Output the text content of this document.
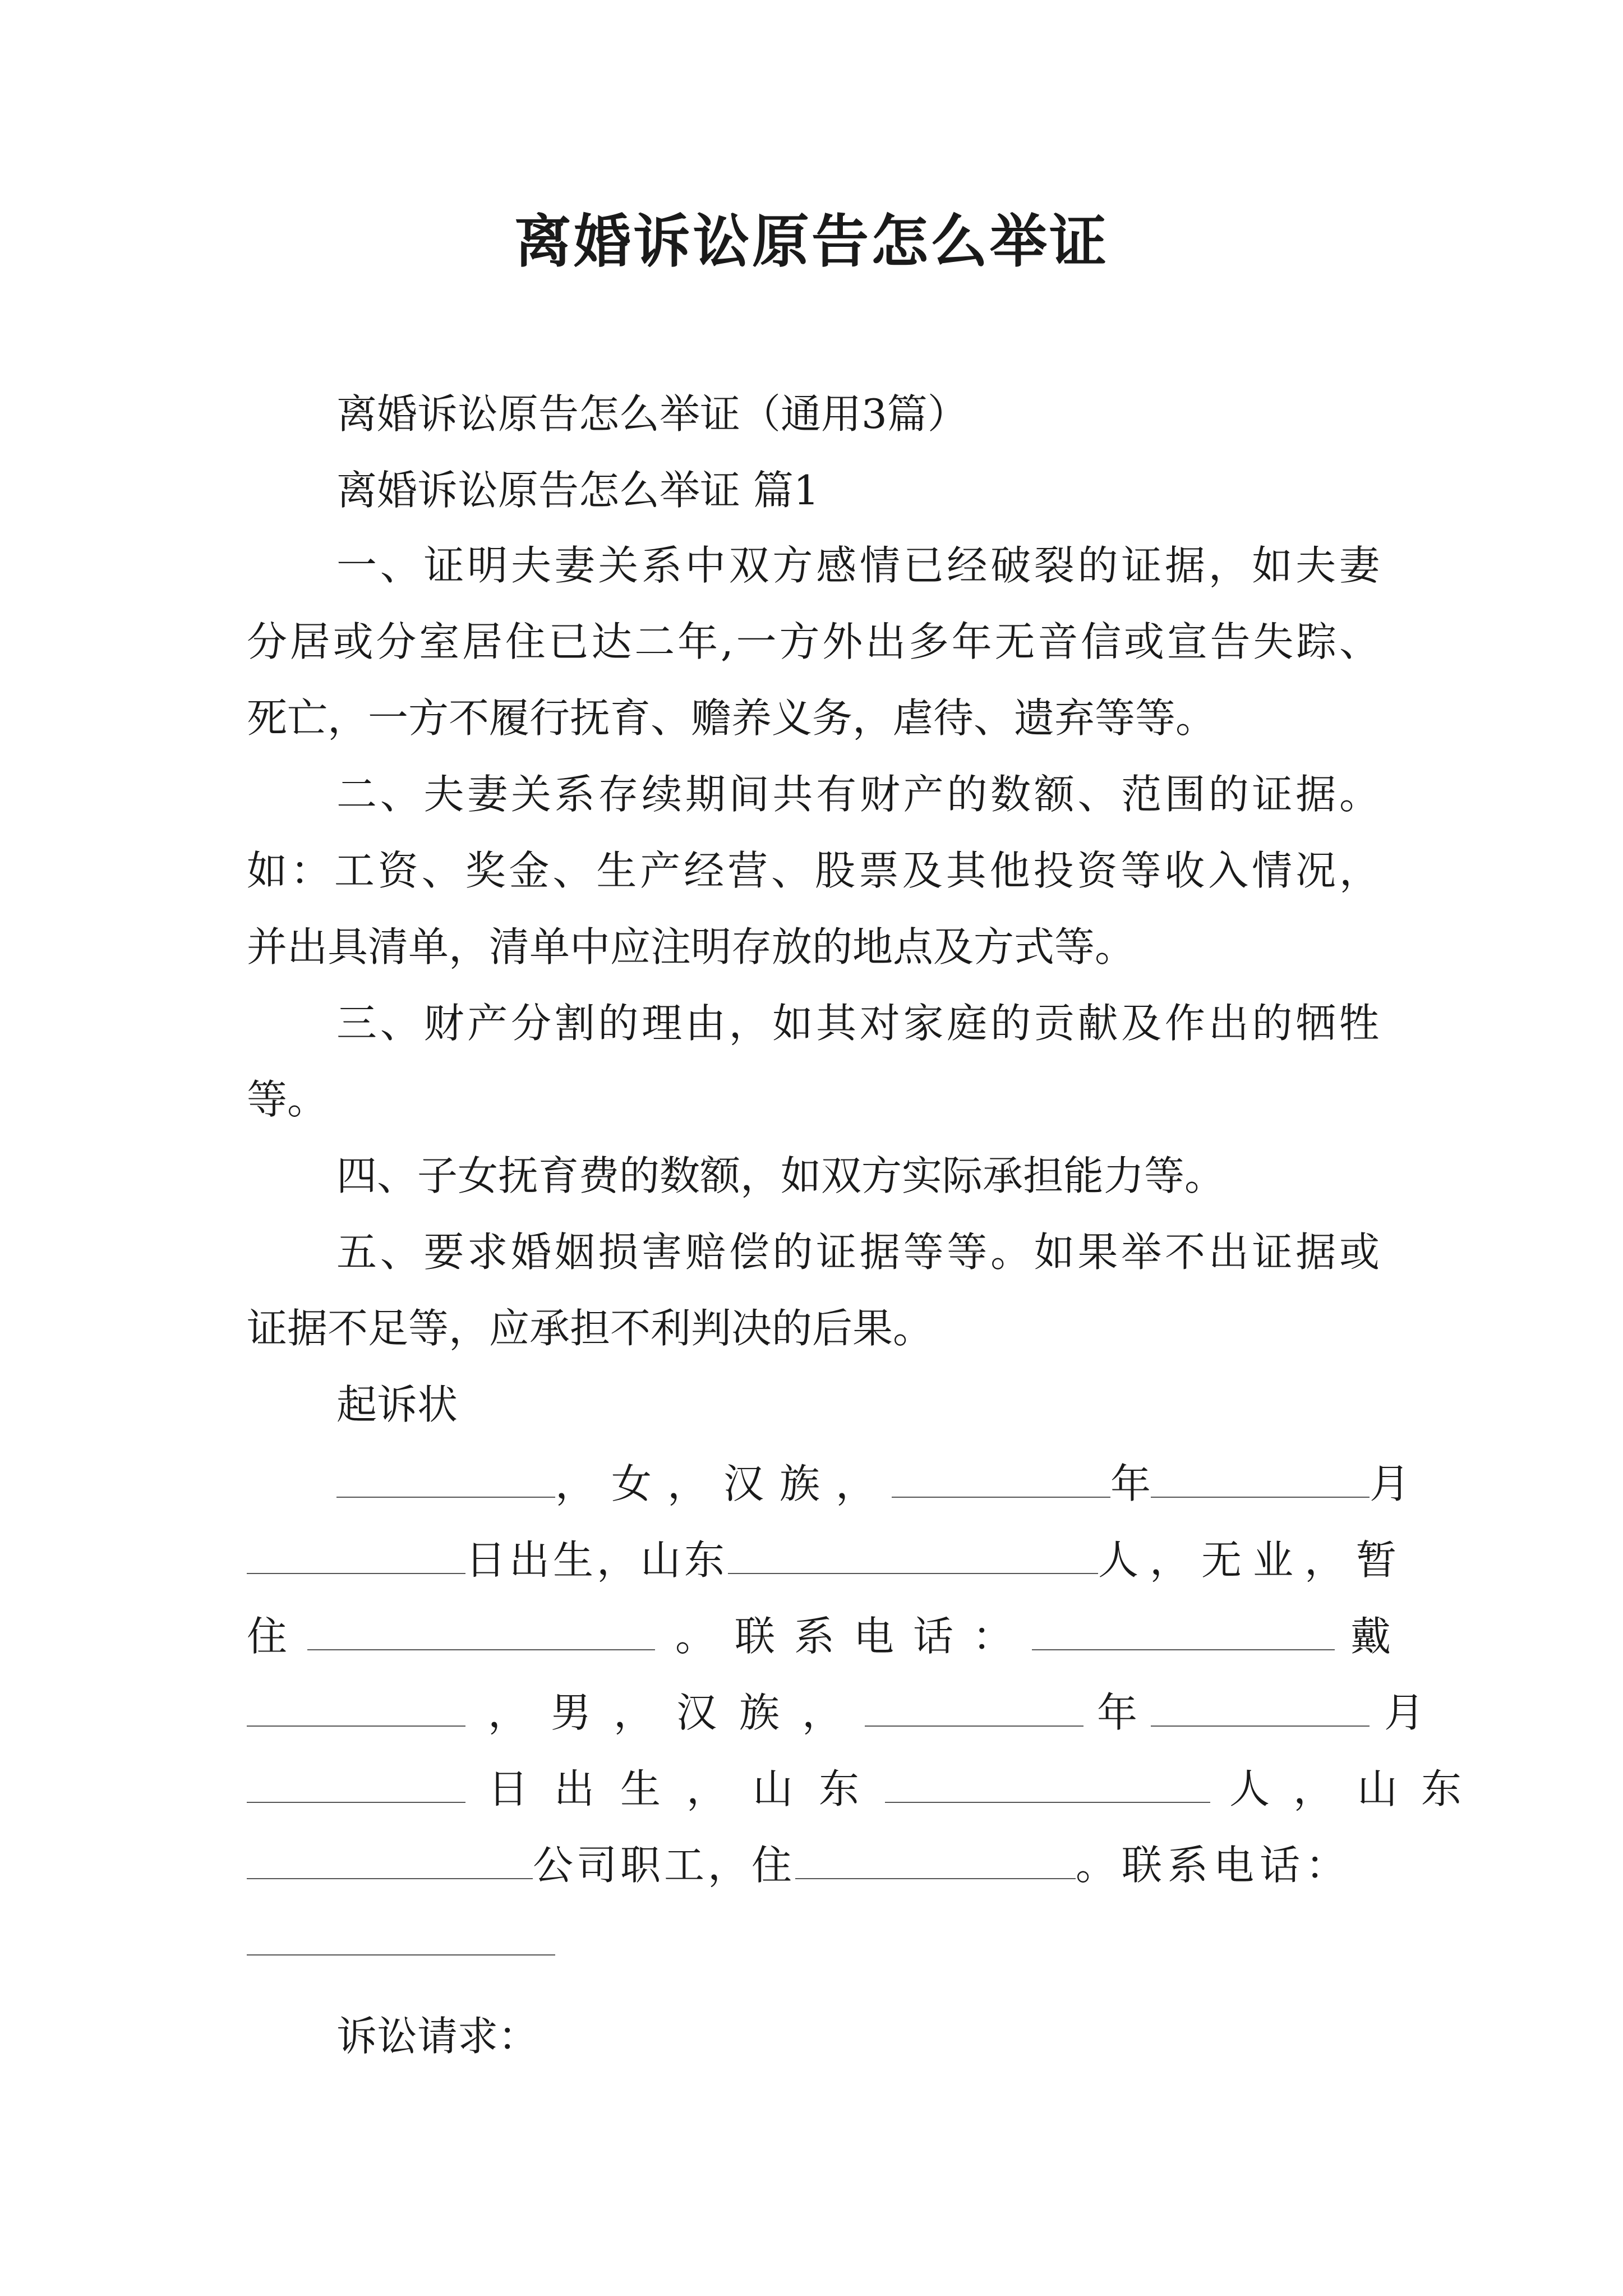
离婚诉讼原告怎么举证
离婚诉讼原告怎么举证（通用3篇）
离婚诉讼原告怎么举证 篇1
一、证明夫妻关系中双方感情已经破裂的证据，如夫妻
分居或分室居住已达二年,一方外出多年无音信或宣告失踪、
死亡，一方不履行抚育、赡养义务，虐待、遗弃等等。
二、夫妻关系存续期间共有财产的数额、范围的证据。
如：工资、奖金、生产经营、股票及其他投资等收入情况，
并出具清单，清单中应注明存放的地点及方式等。
三、财产分割的理由，如其对家庭的贡献及作出的牺牲
等。
四、子女抚育费的数额，如双方实际承担能力等。
五、要求婚姻损害赔偿的证据等等。如果举不出证据或
证据不足等，应承担不利判决的后果。
起诉状
，女，汉族，	年	月
日出生，山东	人，无业，暂
住	。联系电话：	戴
，男，汉族，	年	月
日出生，山东	人，山东
公司职工，住	。联系电话：
诉讼请求：
